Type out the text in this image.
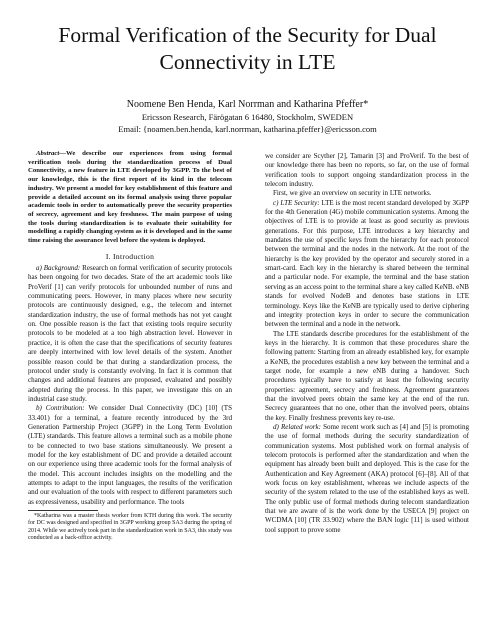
Formal Verification of the Security for Dual Connectivity in LTE
Noomene Ben Henda, Karl Norrman and Katharina Pfeffer*
Ericsson Research, Färögatan 6 16480, Stockholm, SWEDEN
Email: {noamen.ben.henda, karl.norrman, katharina.pfeffer}@ericsson.com

Abstract—We describe our experiences from using formal verification tools during the standardization process of Dual Connectivity, a new feature in LTE developed by 3GPP. To the best of our knowledge, this is the first report of its kind in the telecom industry. We present a model for key establishment of this feature and provide a detailed account on its formal analysis using three popular academic tools in order to automatically prove the security properties of secrecy, agreement and key freshness. The main purpose of using the tools during standardization is to evaluate their suitability for modelling a rapidly changing system as it is developed and in the same time raising the assurance level before the system is deployed.

I. Introduction

a) Background: Research on formal verification of security protocols has been ongoing for two decades. State of the art academic tools like ProVerif [1] can verify protocols for unbounded number of runs and communicating peers. However, in many places where new security protocols are continuously designed, e.g., the telecom and internet standardization industry, the use of formal methods has not yet caught on. One possible reason is the fact that existing tools require security protocols to be modeled at a too high abstraction level. However in practice, it is often the case that the specifications of security features are deeply intertwined with low level details of the system. Another possible reason could be that during a standardization process, the protocol under study is constantly evolving. In fact it is common that changes and additional features are proposed, evaluated and possibly adopted during the process. In this paper, we investigate this on an industrial case study.

b) Contribution: We consider Dual Connectivity (DC) [10] (TS 33.401) for a terminal, a feature recently introduced by the 3rd Generation Partnership Project (3GPP) in the Long Term Evolution (LTE) standards. This feature allows a terminal such as a mobile phone to be connected to two base stations simultaneously. We present a model for the key establishment of DC and provide a detailed account on our experience using three academic tools for the formal analysis of the model. This account includes insights on the modelling and the attempts to adapt to the input languages, the results of the verification and our evaluation of the tools with respect to different parameters such as expressiveness, usability and performance. The tools

*Katharina was a master thesis worker from KTH during this work. The security for DC was designed and specified in 3GPP working group SA3 during the spring of 2014. While we actively took part in the standardization work in SA3, this study was conducted as a back-office activity.

we consider are Scyther [2], Tamarin [3] and ProVerif. To the best of our knowledge there has been no reports, so far, on the use of formal verification tools to support ongoing standardization process in the telecom industry.

First, we give an overview on security in LTE networks.

c) LTE Security: LTE is the most recent standard developed by 3GPP for the 4th Generation (4G) mobile communication systems. Among the objectives of LTE is to provide at least as good security as previous generations. For this purpose, LTE introduces a key hierarchy and mandates the use of specific keys from the hierarchy for each protocol between the terminal and the nodes in the network. At the root of the hierarchy is the key provided by the operator and securely stored in a smart-card. Each key in the hierarchy is shared between the terminal and a particular node. For example, the terminal and the base station serving as an access point to the terminal share a key called KeNB. eNB stands for evolved NodeB and denotes base stations in LTE terminology. Keys like the KeNB are typically used to derive ciphering and integrity protection keys in order to secure the communication between the terminal and a node in the network.

The LTE standards describe procedures for the establishment of the keys in the hierarchy. It is common that these procedures share the following pattern: Starting from an already established key, for example a KeNB, the procedures establish a new key between the terminal and a target node, for example a new eNB during a handover. Such procedures typically have to satisfy at least the following security properties: agreement, secrecy and freshness. Agreement guarantees that the involved peers obtain the same key at the end of the run. Secrecy guarantees that no one, other than the involved peers, obtains the key. Finally freshness prevents key re-use.

d) Related work: Some recent work such as [4] and [5] is promoting the use of formal methods during the security standardization of communication systems. Most published work on formal analysis of telecom protocols is performed after the standardization and when the equipment has already been built and deployed. This is the case for the Authentication and Key Agreement (AKA) protocol [6]–[8]. All of that work focus on key establishment, whereas we include aspects of the security of the system related to the use of the established keys as well. The only public use of formal methods during telecom standardization that we are aware of is the work done by the USECA [9] project on WCDMA [10] (TR 33.902) where the BAN logic [11] is used without tool support to prove some
